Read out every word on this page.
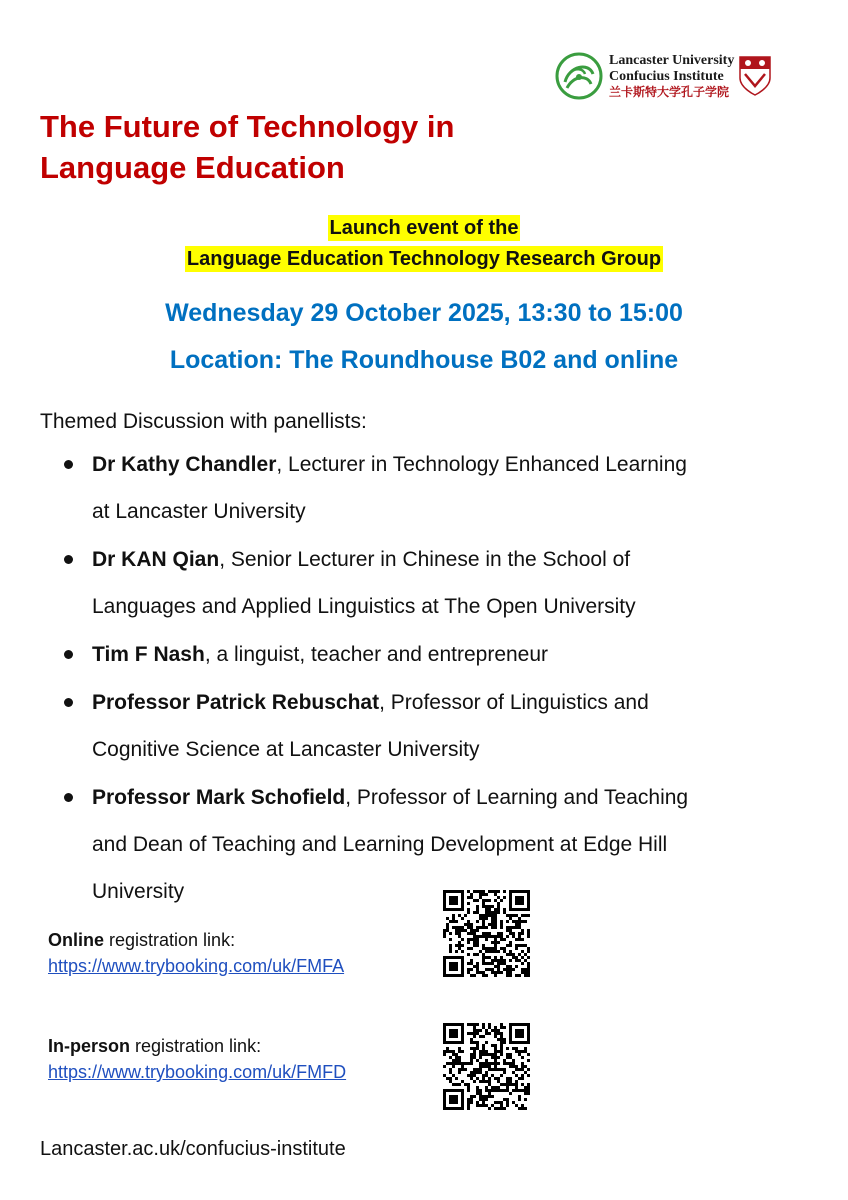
Lancaster University
Confucius Institute
兰卡斯特大学孔子学院
The Future of Technology in
Language Education
Launch event of the
Language Education Technology Research Group
Wednesday 29 October 2025, 13:30 to 15:00
Location: The Roundhouse B02 and online
Themed Discussion with panellists:
Dr Kathy Chandler, Lecturer in Technology Enhanced Learning
at Lancaster University
Dr KAN Qian, Senior Lecturer in Chinese in the School of
Languages and Applied Linguistics at The Open University
Tim F Nash, a linguist, teacher and entrepreneur
Professor Patrick Rebuschat, Professor of Linguistics and
Cognitive Science at Lancaster University
Professor Mark Schofield, Professor of Learning and Teaching
and Dean of Teaching and Learning Development at Edge Hill
University
Online registration link:
https://www.trybooking.com/uk/FMFA
In-person registration link:
https://www.trybooking.com/uk/FMFD
Lancaster.ac.uk/confucius-institute
